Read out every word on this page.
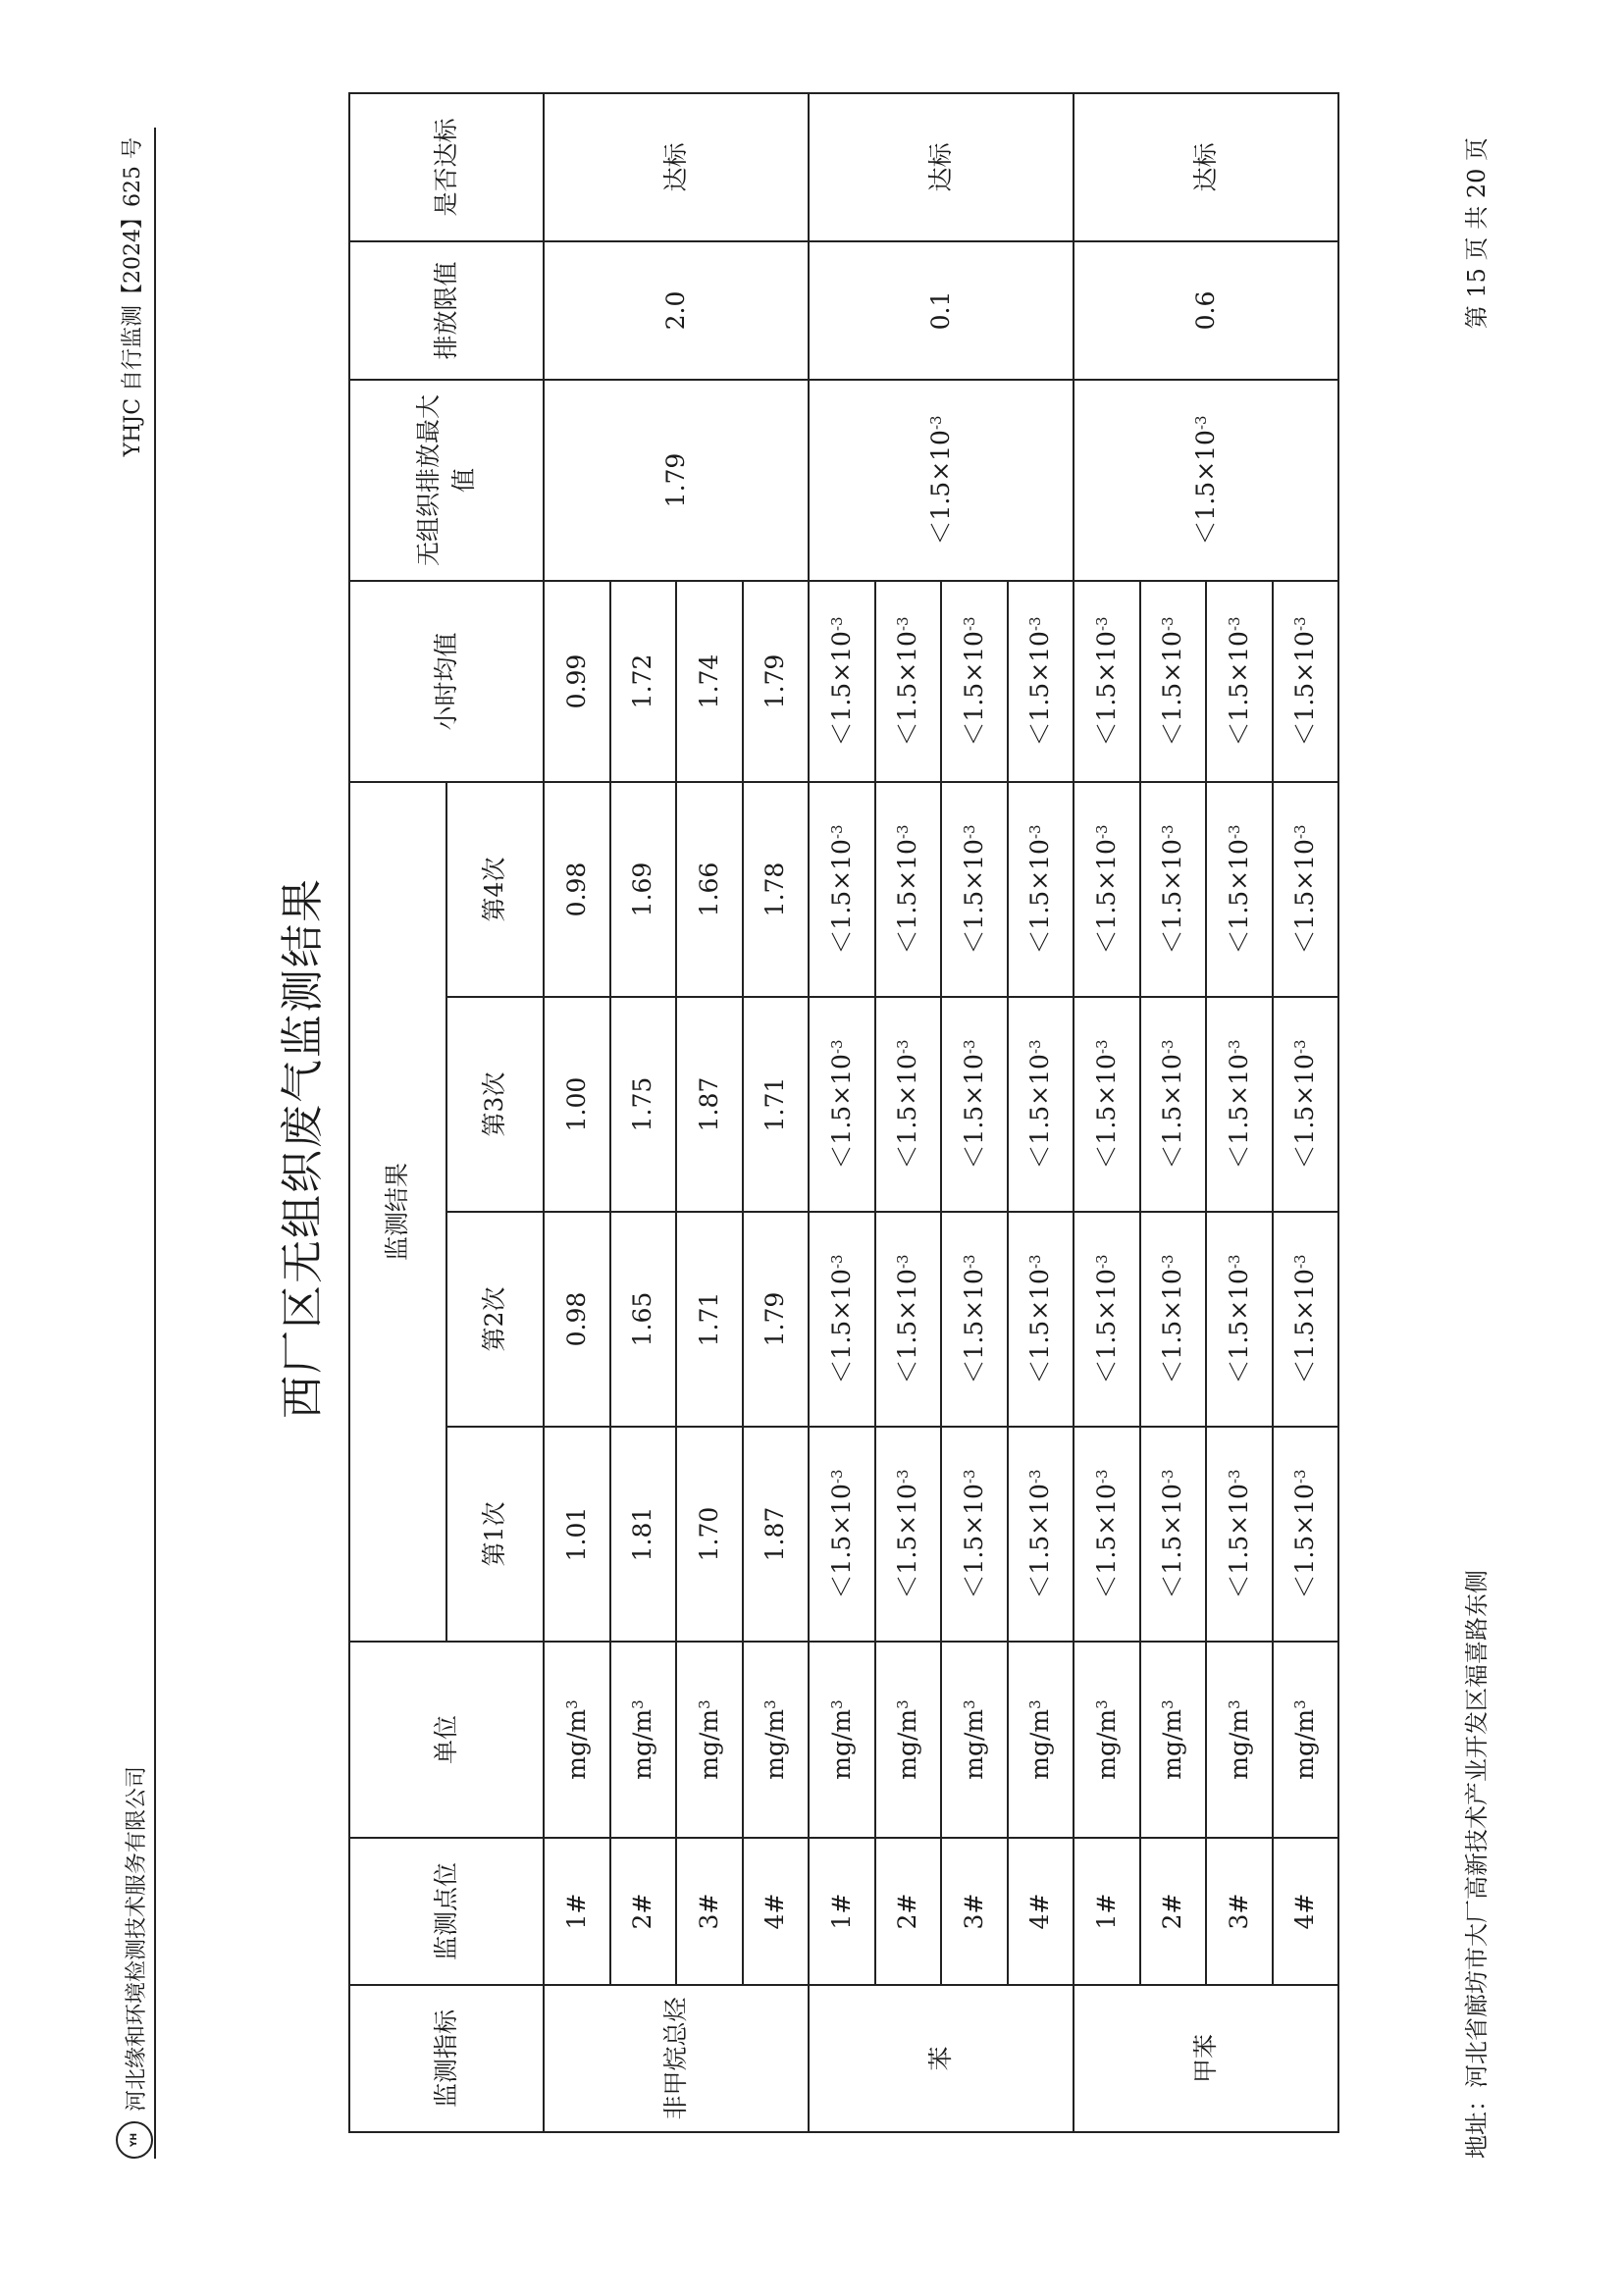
YH
河北缘和环境检测技术服务有限公司
YHJC 自行监测【2024】625 号
西厂区无组织废气监测结果
监测指标	监测点位	单位	监测结果				小时均值	无组织排放最大值	排放限值	是否达标
			第1次	第2次	第3次	第4次				
非甲烷总烃	1#	$mg/m^3$	1.01	0.98	1.00	0.98	0.99	1.79	2.0	达标
	2#	$mg/m^3$	1.81	1.65	1.75	1.69	1.72			
	3#	$mg/m^3$	1.70	1.71	1.87	1.66	1.74			
	4#	$mg/m^3$	1.87	1.79	1.71	1.78	1.79			
苯	1#	$mg/m^3$	$<1.5\times 10^{-3}$	$<1.5\times 10^{-3}$	$<1.5\times 10^{-3}$	$<1.5\times 10^{-3}$	$<1.5\times 10^{-3}$	$<1.5\times 10^{-3}$	0.1	达标
	2#	$mg/m^3$	$<1.5\times 10^{-3}$	$<1.5\times 10^{-3}$	$<1.5\times 10^{-3}$	$<1.5\times 10^{-3}$	$<1.5\times 10^{-3}$
	3#	$mg/m^3$	$<1.5\times 10^{-3}$	$<1.5\times 10^{-3}$	$<1.5\times 10^{-3}$	$<1.5\times 10^{-3}$	$<1.5\times 10^{-3}$
	4#	$mg/m^3$	$<1.5\times 10^{-3}$	$<1.5\times 10^{-3}$	$<1.5\times 10^{-3}$	$<1.5\times 10^{-3}$	$<1.5\times 10^{-3}$
甲苯	1#	$mg/m^3$	$<1.5\times 10^{-3}$	$<1.5\times 10^{-3}$	$<1.5\times 10^{-3}$	$<1.5\times 10^{-3}$	$<1.5\times 10^{-3}$	$<1.5\times 10^{-3}$	0.6	达标
	2#	$mg/m^3$	$<1.5\times 10^{-3}$	$<1.5\times 10^{-3}$	$<1.5\times 10^{-3}$	$<1.5\times 10^{-3}$	$<1.5\times 10^{-3}$
	3#	$mg/m^3$	$<1.5\times 10^{-3}$	$<1.5\times 10^{-3}$	$<1.5\times 10^{-3}$	$<1.5\times 10^{-3}$	$<1.5\times 10^{-3}$
	4#	$mg/m^3$	$<1.5\times 10^{-3}$	$<1.5\times 10^{-3}$	$<1.5\times 10^{-3}$	$<1.5\times 10^{-3}$	$<1.5\times 10^{-3}$
地址：河北省廊坊市大厂高新技术产业开发区福喜路东侧
第 15 页 共 20 页
